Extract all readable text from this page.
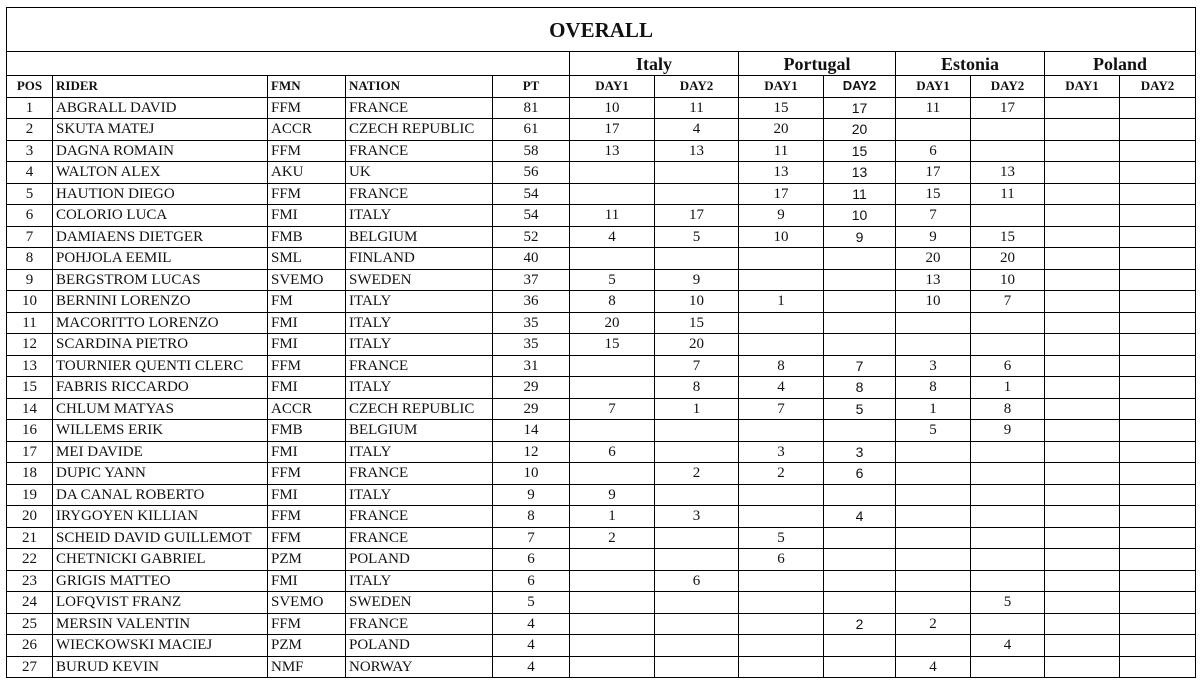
OVERALL												
					Italy		Portugal		Estonia		Poland	
POS	RIDER	FMN	NATION	PT	DAY1	DAY2	DAY1	DAY2	DAY1	DAY2	DAY1	DAY2
1	ABGRALL DAVID	FFM	FRANCE	81	10	11	15	17	11	17		
2	SKUTA MATEJ	ACCR	CZECH REPUBLIC	61	17	4	20	20				
3	DAGNA ROMAIN	FFM	FRANCE	58	13	13	11	15	6			
4	WALTON ALEX	AKU	UK	56			13	13	17	13		
5	HAUTION DIEGO	FFM	FRANCE	54			17	11	15	11		
6	COLORIO LUCA	FMI	ITALY	54	11	17	9	10	7			
7	DAMIAENS DIETGER	FMB	BELGIUM	52	4	5	10	9	9	15		
8	POHJOLA EEMIL	SML	FINLAND	40					20	20		
9	BERGSTROM LUCAS	SVEMO	SWEDEN	37	5	9			13	10		
10	BERNINI LORENZO	FM	ITALY	36	8	10	1		10	7		
11	MACORITTO LORENZO	FMI	ITALY	35	20	15						
12	SCARDINA PIETRO	FMI	ITALY	35	15	20						
13	TOURNIER QUENTI CLERC	FFM	FRANCE	31		7	8	7	3	6		
15	FABRIS RICCARDO	FMI	ITALY	29		8	4	8	8	1		
14	CHLUM MATYAS	ACCR	CZECH REPUBLIC	29	7	1	7	5	1	8		
16	WILLEMS ERIK	FMB	BELGIUM	14					5	9		
17	MEI DAVIDE	FMI	ITALY	12	6		3	3				
18	DUPIC YANN	FFM	FRANCE	10		2	2	6				
19	DA CANAL ROBERTO	FMI	ITALY	9	9							
20	IRYGOYEN KILLIAN	FFM	FRANCE	8	1	3		4				
21	SCHEID DAVID GUILLEMOT	FFM	FRANCE	7	2		5					
22	CHETNICKI GABRIEL	PZM	POLAND	6			6					
23	GRIGIS MATTEO	FMI	ITALY	6		6						
24	LOFQVIST FRANZ	SVEMO	SWEDEN	5						5		
25	MERSIN VALENTIN	FFM	FRANCE	4				2	2			
26	WIECKOWSKI MACIEJ	PZM	POLAND	4						4		
27	BURUD KEVIN	NMF	NORWAY	4					4			
